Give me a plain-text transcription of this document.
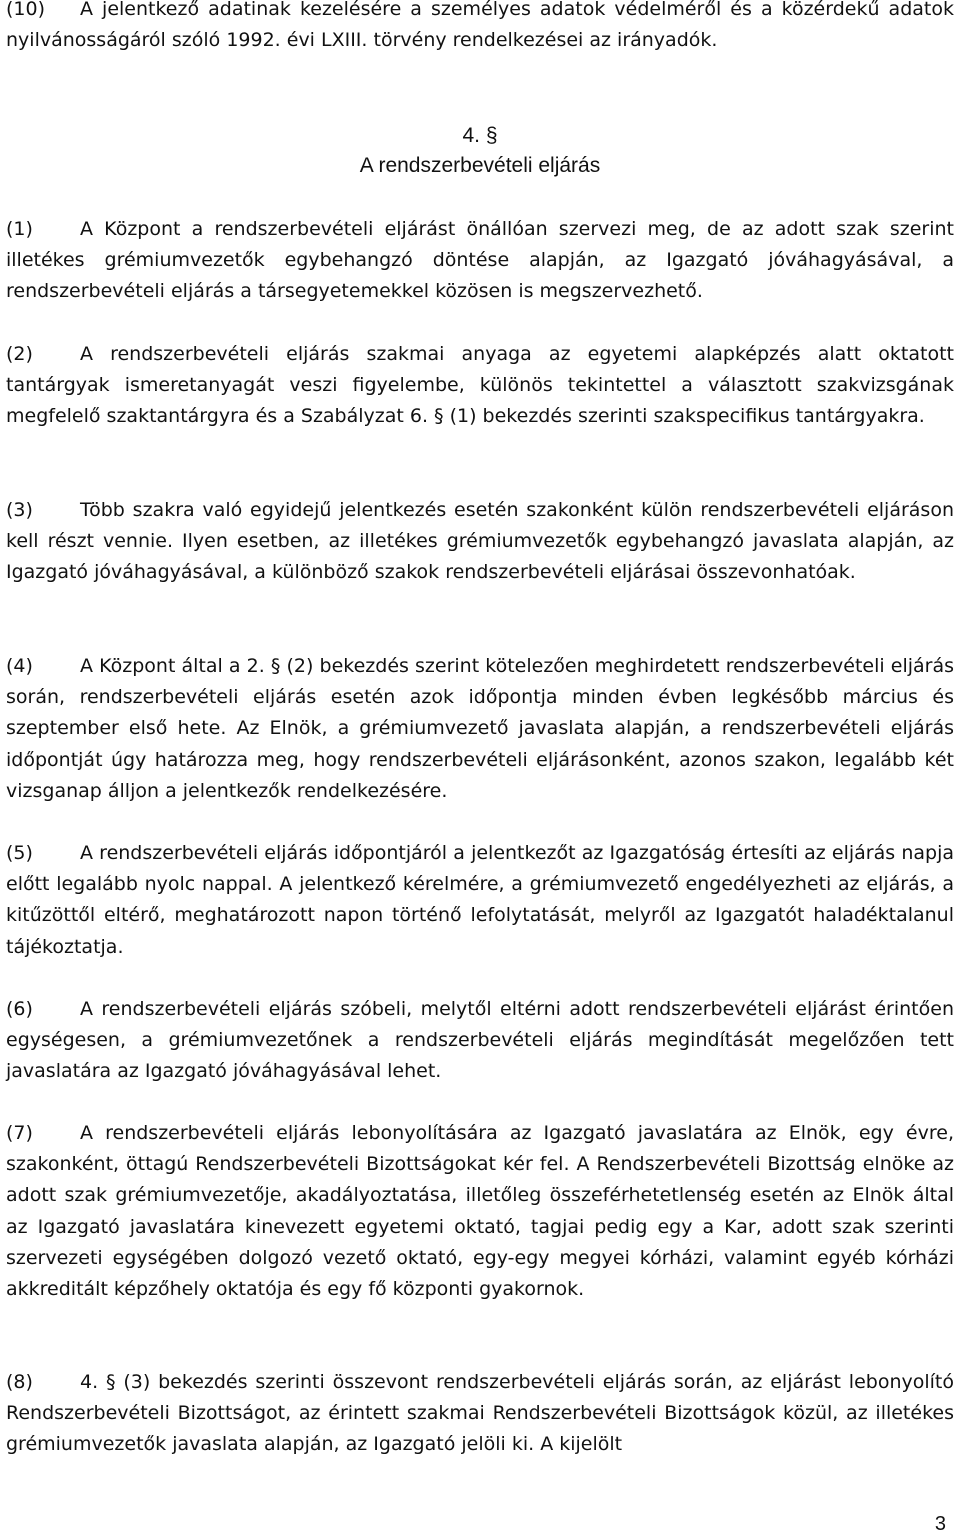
(10) A jelentkező adatinak kezelésére a személyes adatok védelméről és a közérdekű adatok nyilvánosságáról szóló 1992. évi LXIII. törvény rendelkezései az irányadók.

4. §
A rendszerbevételi eljárás

(1) A Központ a rendszerbevételi eljárást önállóan szervezi meg, de az adott szak szerint illetékes grémiumvezetők egybehangzó döntése alapján, az Igazgató jóváhagyásával, a rendszerbevételi eljárás a társegyetemekkel közösen is megszervezhető.

(2) A rendszerbevételi eljárás szakmai anyaga az egyetemi alapképzés alatt oktatott tantárgyak ismeretanyagát veszi figyelembe, különös tekintettel a választott szakvizsgának megfelelő szaktantárgyra és a Szabályzat 6. § (1) bekezdés szerinti szakspecifikus tantárgyakra.

(3) Több szakra való egyidejű jelentkezés esetén szakonként külön rendszerbevételi eljáráson kell részt vennie. Ilyen esetben, az illetékes grémiumvezetők egybehangzó javaslata alapján, az Igazgató jóváhagyásával, a különböző szakok rendszerbevételi eljárásai összevonhatóak.

(4) A Központ által a 2. § (2) bekezdés szerint kötelezően meghirdetett rendszerbevételi eljárás során, rendszerbevételi eljárás esetén azok időpontja minden évben legkésőbb március és szeptember első hete. Az Elnök, a grémiumvezető javaslata alapján, a rendszerbevételi eljárás időpontját úgy határozza meg, hogy rendszerbevételi eljárásonként, azonos szakon, legalább két vizsganap álljon a jelentkezők rendelkezésére.

(5) A rendszerbevételi eljárás időpontjáról a jelentkezőt az Igazgatóság értesíti az eljárás napja előtt legalább nyolc nappal. A jelentkező kérelmére, a grémiumvezető engedélyezheti az eljárás, a kitűzöttől eltérő, meghatározott napon történő lefolytatását, melyről az Igazgatót haladéktalanul tájékoztatja.

(6) A rendszerbevételi eljárás szóbeli, melytől eltérni adott rendszerbevételi eljárást érintően egységesen, a grémiumvezetőnek a rendszerbevételi eljárás megindítását megelőzően tett javaslatára az Igazgató jóváhagyásával lehet.

(7) A rendszerbevételi eljárás lebonyolítására az Igazgató javaslatára az Elnök, egy évre, szakonként, öttagú Rendszerbevételi Bizottságokat kér fel. A Rendszerbevételi Bizottság elnöke az adott szak grémiumvezetője, akadályoztatása, illetőleg összeférhetetlenség esetén az Elnök által az Igazgató javaslatára kinevezett egyetemi oktató, tagjai pedig egy a Kar, adott szak szerinti szervezeti egységében dolgozó vezető oktató, egy-egy megyei kórházi, valamint egyéb kórházi akkreditált képzőhely oktatója és egy fő központi gyakornok.

(8) 4. § (3) bekezdés szerinti összevont rendszerbevételi eljárás során, az eljárást lebonyolító Rendszerbevételi Bizottságot, az érintett szakmai Rendszerbevételi Bizottságok közül, az illetékes grémiumvezetők javaslata alapján, az Igazgató jelöli ki. A kijelölt

3
